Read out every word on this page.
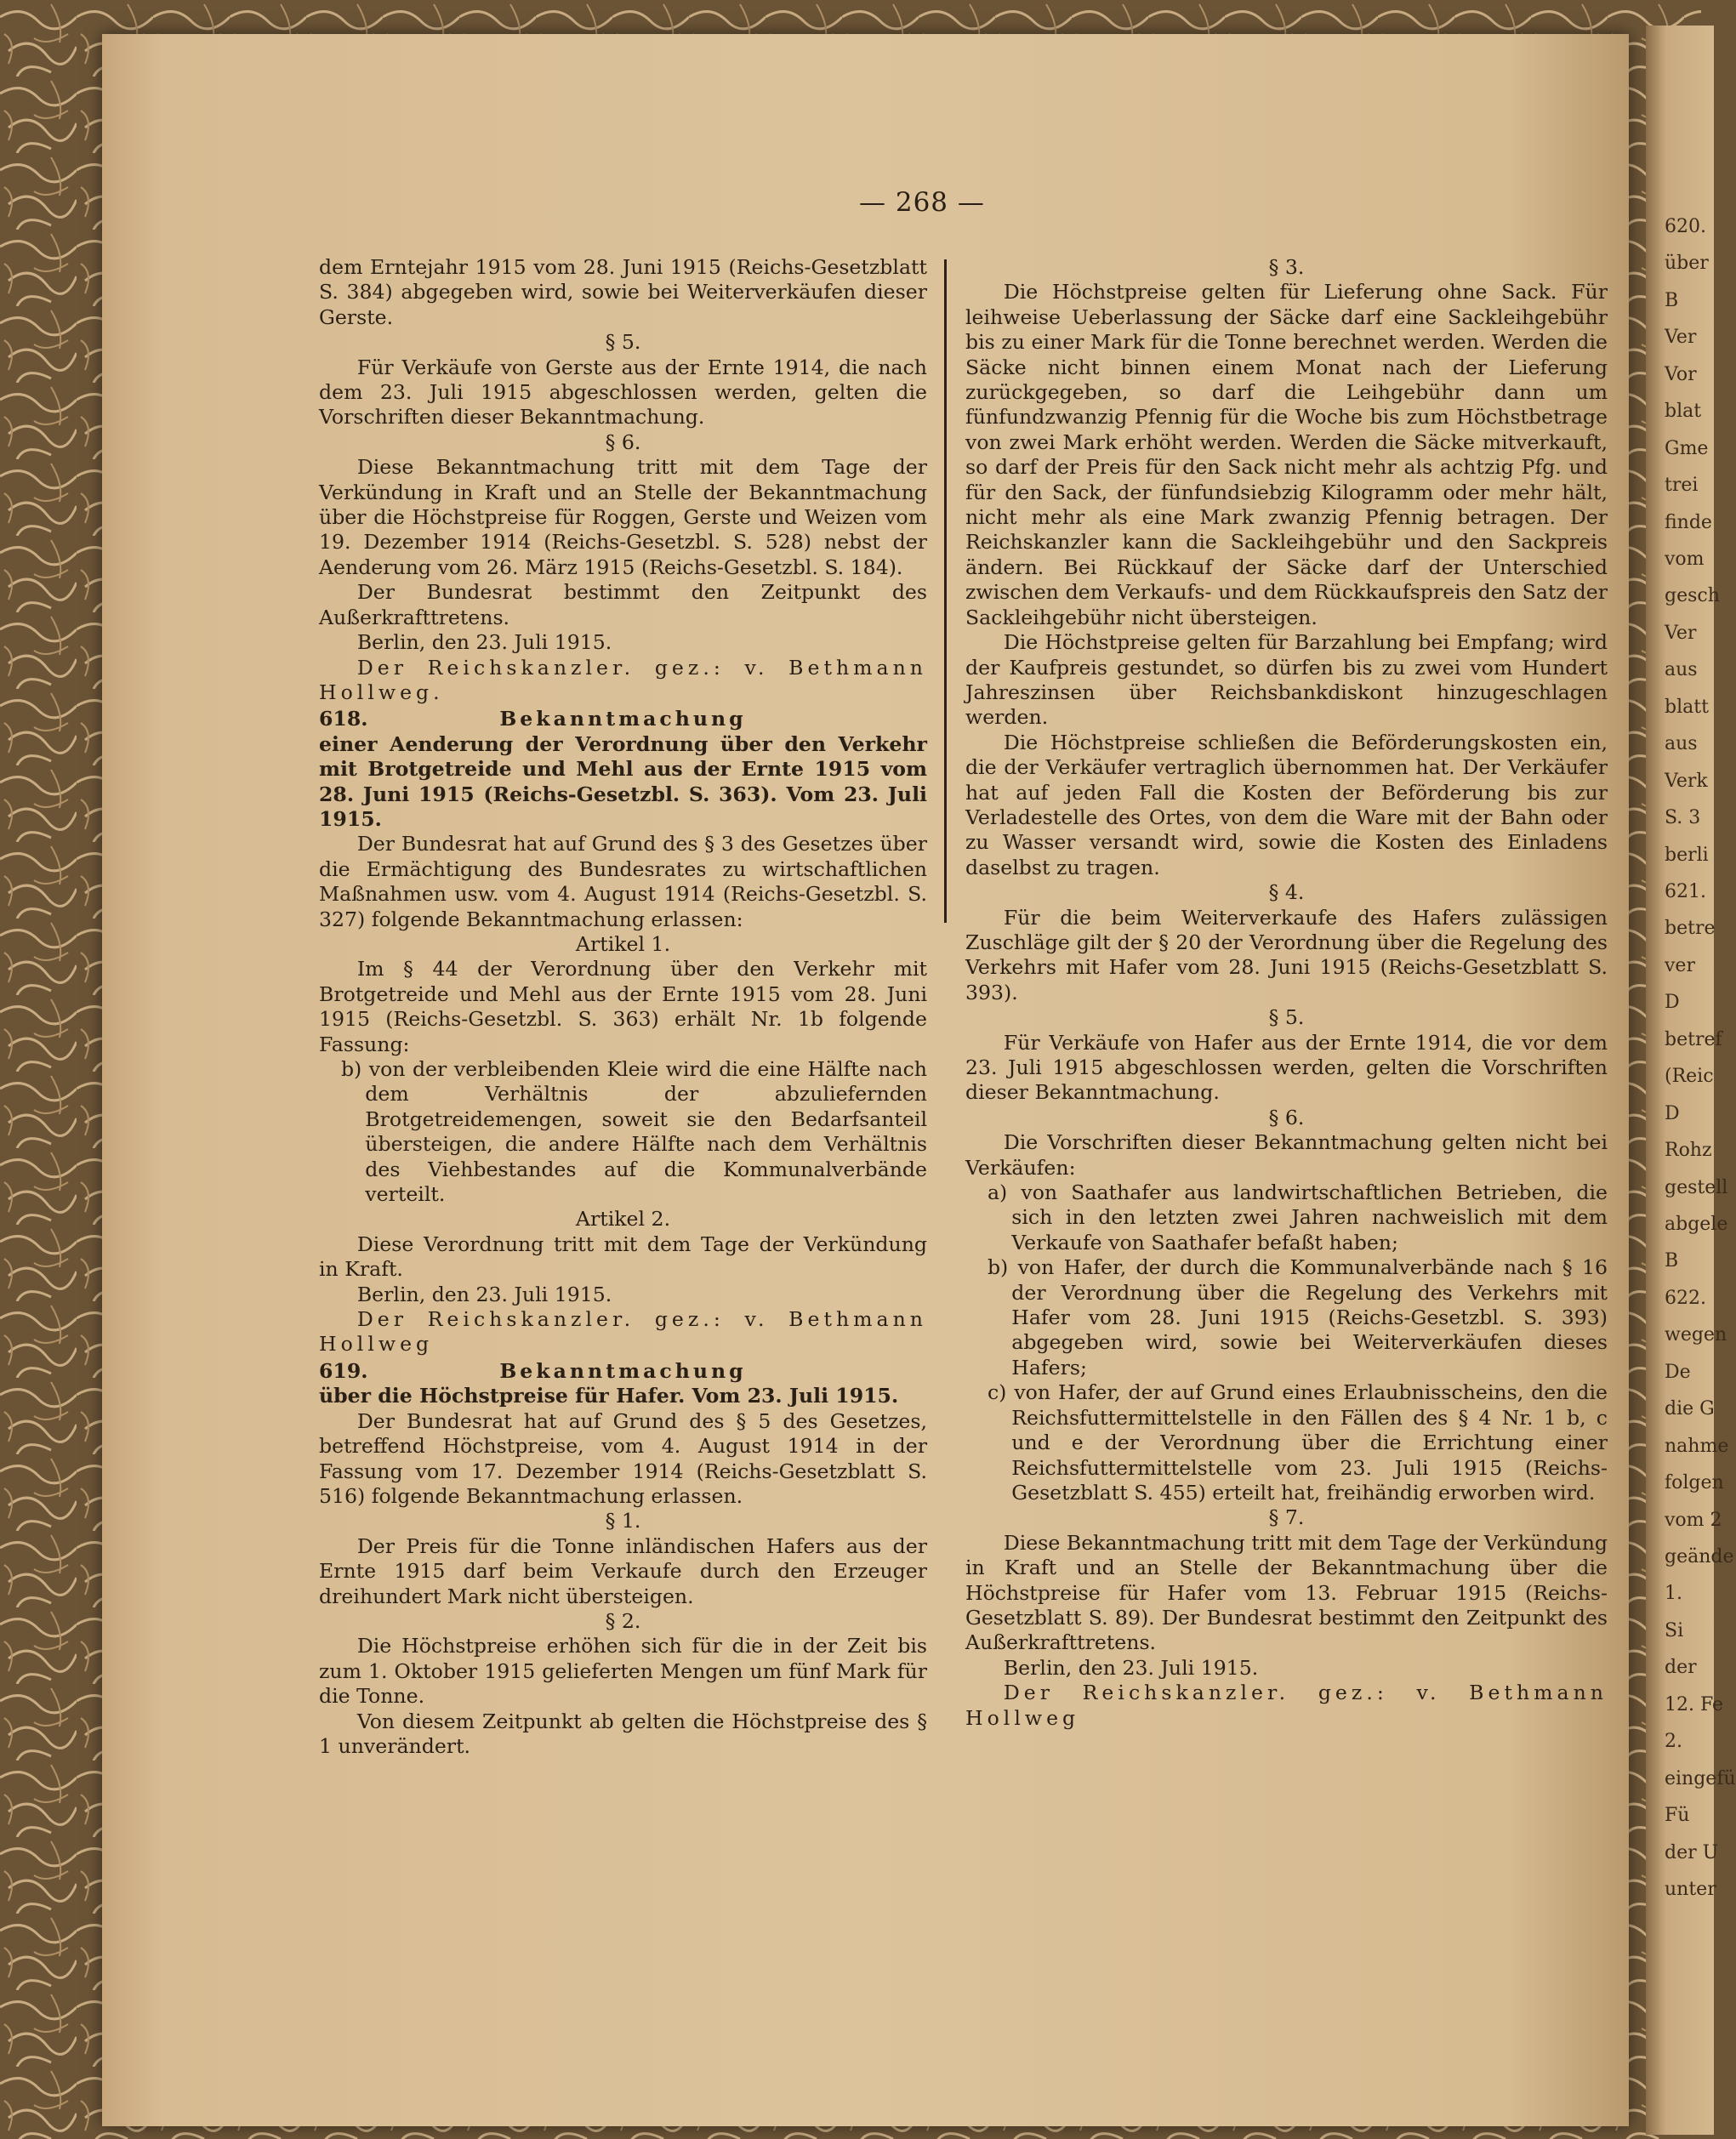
620.
über
B
Ver
Vor
blat
Gme
trei
finde
vom
gesch
Ver
aus
blatt
aus
Verk
S. 3
berli
621.
betre
ver
D
betref
(Reic
D
Rohz
gestell
abgele
B
622.
wegen
De
die G
nahme
folgen
vom 2
geände
1.
Si
der
12. Fe
2.
eingefü
Fü
der U
unter
— 268 —

dem Erntejahr 1915 vom 28. Juni 1915 (Reichs-Gesetzblatt S. 384) abgegeben wird, sowie bei Weiterverkäufen dieser Gerste.

§ 5.

Für Verkäufe von Gerste aus der Ernte 1914, die nach dem 23. Juli 1915 abgeschlossen werden, gelten die Vorschriften dieser Bekanntmachung.

§ 6.

Diese Bekanntmachung tritt mit dem Tage der Verkündung in Kraft und an Stelle der Bekanntmachung über die Höchstpreise für Roggen, Gerste und Weizen vom 19. Dezember 1914 (Reichs-Gesetzbl. S. 528) nebst der Aenderung vom 26. März 1915 (Reichs-Gesetzbl. S. 184).

Der Bundesrat bestimmt den Zeitpunkt des Außerkrafttretens.

Berlin, den 23. Juli 1915.

Der Reichskanzler. gez.: v. Bethmann Hollweg.

618.	Bekanntmachung

einer Aenderung der Verordnung über den Verkehr mit Brotgetreide und Mehl aus der Ernte 1915 vom 28. Juni 1915 (Reichs-Gesetzbl. S. 363). Vom 23. Juli 1915.

Der Bundesrat hat auf Grund des § 3 des Gesetzes über die Ermächtigung des Bundesrates zu wirtschaftlichen Maßnahmen usw. vom 4. August 1914 (Reichs-Gesetzbl. S. 327) folgende Bekanntmachung erlassen:

Artikel 1.

Im § 44 der Verordnung über den Verkehr mit Brotgetreide und Mehl aus der Ernte 1915 vom 28. Juni 1915 (Reichs-Gesetzbl. S. 363) erhält Nr. 1b folgende Fassung:

b) von der verbleibenden Kleie wird die eine Hälfte nach dem Verhältnis der abzuliefernden Brotgetreidemengen, soweit sie den Bedarfsanteil übersteigen, die andere Hälfte nach dem Verhältnis des Viehbestandes auf die Kommunalverbände verteilt.

Artikel 2.

Diese Verordnung tritt mit dem Tage der Verkündung in Kraft.

Berlin, den 23. Juli 1915.

Der Reichskanzler. gez.: v. Bethmann Hollweg

619.	Bekanntmachung

über die Höchstpreise für Hafer. Vom 23. Juli 1915.

Der Bundesrat hat auf Grund des § 5 des Gesetzes, betreffend Höchstpreise, vom 4. August 1914 in der Fassung vom 17. Dezember 1914 (Reichs-Gesetzblatt S. 516) folgende Bekanntmachung erlassen.

§ 1.

Der Preis für die Tonne inländischen Hafers aus der Ernte 1915 darf beim Verkaufe durch den Erzeuger dreihundert Mark nicht übersteigen.

§ 2.

Die Höchstpreise erhöhen sich für die in der Zeit bis zum 1. Oktober 1915 gelieferten Mengen um fünf Mark für die Tonne.

Von diesem Zeitpunkt ab gelten die Höchstpreise des § 1 unverändert.

§ 3.

Die Höchstpreise gelten für Lieferung ohne Sack. Für leihweise Ueberlassung der Säcke darf eine Sackleihgebühr bis zu einer Mark für die Tonne berechnet werden. Werden die Säcke nicht binnen einem Monat nach der Lieferung zurückgegeben, so darf die Leihgebühr dann um fünfundzwanzig Pfennig für die Woche bis zum Höchstbetrage von zwei Mark erhöht werden. Werden die Säcke mitverkauft, so darf der Preis für den Sack nicht mehr als achtzig Pfg. und für den Sack, der fünfundsiebzig Kilogramm oder mehr hält, nicht mehr als eine Mark zwanzig Pfennig betragen. Der Reichskanzler kann die Sackleihgebühr und den Sackpreis ändern. Bei Rückkauf der Säcke darf der Unterschied zwischen dem Verkaufs- und dem Rückkaufspreis den Satz der Sackleihgebühr nicht übersteigen.

Die Höchstpreise gelten für Barzahlung bei Empfang; wird der Kaufpreis gestundet, so dürfen bis zu zwei vom Hundert Jahreszinsen über Reichsbankdiskont hinzugeschlagen werden.

Die Höchstpreise schließen die Beförderungskosten ein, die der Verkäufer vertraglich übernommen hat. Der Verkäufer hat auf jeden Fall die Kosten der Beförderung bis zur Verladestelle des Ortes, von dem die Ware mit der Bahn oder zu Wasser versandt wird, sowie die Kosten des Einladens daselbst zu tragen.

§ 4.

Für die beim Weiterverkaufe des Hafers zulässigen Zuschläge gilt der § 20 der Verordnung über die Regelung des Verkehrs mit Hafer vom 28. Juni 1915 (Reichs-Gesetzblatt S. 393).

§ 5.

Für Verkäufe von Hafer aus der Ernte 1914, die vor dem 23. Juli 1915 abgeschlossen werden, gelten die Vorschriften dieser Bekanntmachung.

§ 6.

Die Vorschriften dieser Bekanntmachung gelten nicht bei Verkäufen:

a) von Saathafer aus landwirtschaftlichen Betrieben, die sich in den letzten zwei Jahren nachweislich mit dem Verkaufe von Saathafer befaßt haben;

b) von Hafer, der durch die Kommunalverbände nach § 16 der Verordnung über die Regelung des Verkehrs mit Hafer vom 28. Juni 1915 (Reichs-Gesetzbl. S. 393) abgegeben wird, sowie bei Weiterverkäufen dieses Hafers;

c) von Hafer, der auf Grund eines Erlaubnisscheins, den die Reichsfuttermittelstelle in den Fällen des § 4 Nr. 1 b, c und e der Verordnung über die Errichtung einer Reichsfuttermittelstelle vom 23. Juli 1915 (Reichs-Gesetzblatt S. 455) erteilt hat, freihändig erworben wird.

§ 7.

Diese Bekanntmachung tritt mit dem Tage der Verkündung in Kraft und an Stelle der Bekanntmachung über die Höchstpreise für Hafer vom 13. Februar 1915 (Reichs-Gesetzblatt S. 89). Der Bundesrat bestimmt den Zeitpunkt des Außerkrafttretens.

Berlin, den 23. Juli 1915.

Der Reichskanzler. gez.: v. Bethmann Hollweg
